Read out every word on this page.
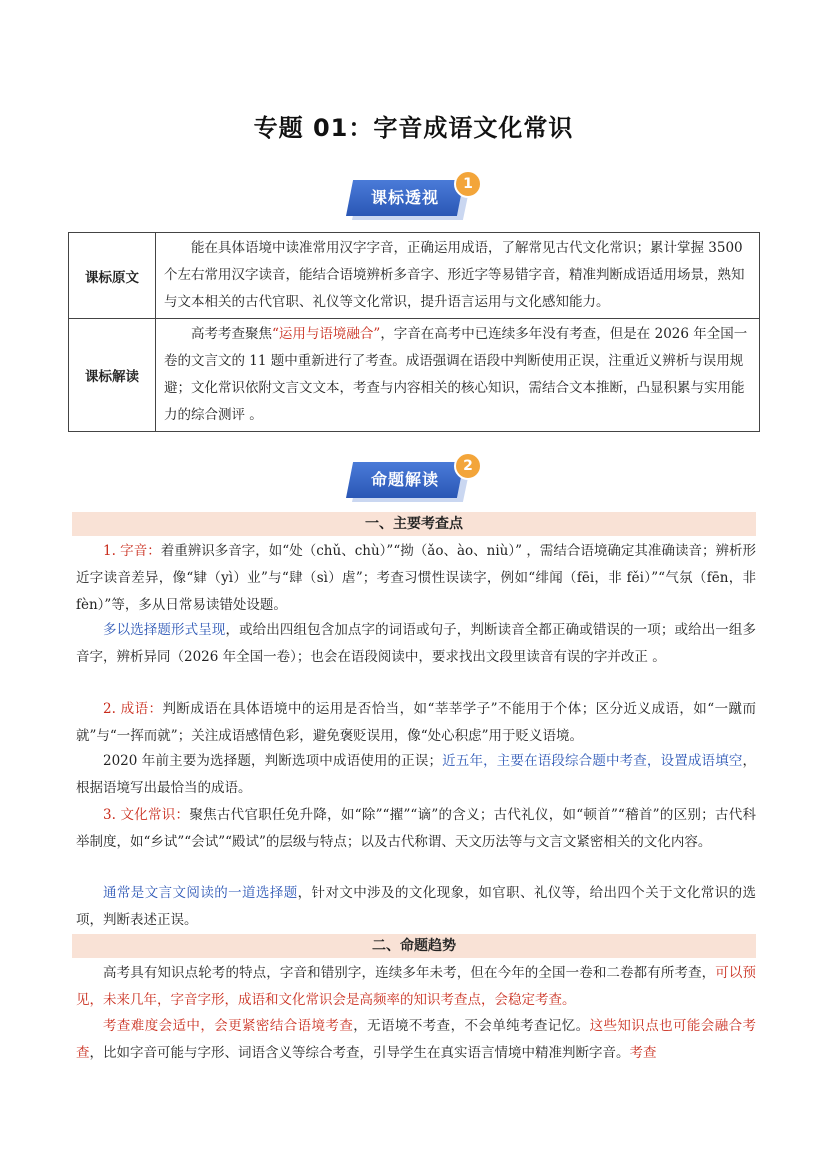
专题 01：字音成语文化常识
课标透视
1
课标原文	能在具体语境中读准常用汉字字音，正确运用成语，了解常见古代文化常识；累计掌握 3500 个左右常用汉字读音，能结合语境辨析多音字、形近字等易错字音，精准判断成语适用场景，熟知与文本相关的古代官职、礼仪等文化常识，提升语言运用与文化感知能力。
课标解读	高考考查聚焦“运用与语境融合”，字音在高考中已连续多年没有考查，但是在 2026 年全国一卷的文言文的 11 题中重新进行了考查。成语强调在语段中判断使用正误，注重近义辨析与误用规避；文化常识依附文言文文本，考查与内容相关的核心知识，需结合文本推断，凸显积累与实用能力的综合测评 。
命题解读
2
一、主要考查点

1. 字音：着重辨识多音字，如“处（chǔ、chù）”“拗（ǎo、ào、niù）” ，需结合语境确定其准确读音；辨析形近字读音差异，像“肄（yì）业”与“肆（sì）虐”；考查习惯性误读字，例如“绯闻（fēi，非 fěi）”“气氛（fēn，非 fèn）”等，多从日常易读错处设题。

多以选择题形式呈现，或给出四组包含加点字的词语或句子，判断读音全都正确或错误的一项；或给出一组多音字，辨析异同（2026 年全国一卷）；也会在语段阅读中，要求找出文段里读音有误的字并改正 。

2. 成语：判断成语在具体语境中的运用是否恰当，如“莘莘学子”不能用于个体；区分近义成语，如“一蹴而就”与“一挥而就”；关注成语感情色彩，避免褒贬误用，像“处心积虑”用于贬义语境。

2020 年前主要为选择题，判断选项中成语使用的正误；近五年，主要在语段综合题中考查，设置成语填空，根据语境写出最恰当的成语。

3. 文化常识：聚焦古代官职任免升降，如“除”“擢”“谪”的含义；古代礼仪，如“顿首”“稽首”的区别；古代科举制度，如“乡试”“会试”“殿试”的层级与特点；以及古代称谓、天文历法等与文言文紧密相关的文化内容。

通常是文言文阅读的一道选择题，针对文中涉及的文化现象，如官职、礼仪等，给出四个关于文化常识的选项，判断表述正误。

二、命题趋势

高考具有知识点轮考的特点，字音和错别字，连续多年未考，但在今年的全国一卷和二卷都有所考查，可以预见，未来几年，字音字形，成语和文化常识会是高频率的知识考查点，会稳定考查。

考查难度会适中，会更紧密结合语境考查，无语境不考查，不会单纯考查记忆。这些知识点也可能会融合考查，比如字音可能与字形、词语含义等综合考查，引导学生在真实语言情境中精准判断字音。考查
